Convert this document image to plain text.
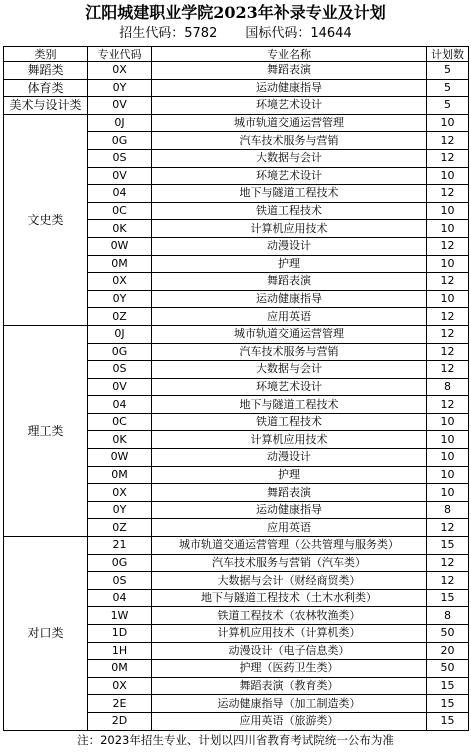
江阳城建职业学院2023年补录专业及计划
招生代码：5782 国标代码：14644
类别	专业代码	专业名称	计划数
舞蹈类	0X	舞蹈表演	5
体育类	0Y	运动健康指导	5
美术与设计类	0V	环境艺术设计	5
文史类	0J	城市轨道交通运营管理	10
	0G	汽车技术服务与营销	12
	0S	大数据与会计	12
	0V	环境艺术设计	10
	04	地下与隧道工程技术	12
	0C	铁道工程技术	10
	0K	计算机应用技术	10
	0W	动漫设计	12
	0M	护理	10
	0X	舞蹈表演	12
	0Y	运动健康指导	10
	0Z	应用英语	12
理工类	0J	城市轨道交通运营管理	12
	0G	汽车技术服务与营销	12
	0S	大数据与会计	12
	0V	环境艺术设计	8
	04	地下与隧道工程技术	12
	0C	铁道工程技术	10
	0K	计算机应用技术	10
	0W	动漫设计	10
	0M	护理	10
	0X	舞蹈表演	10
	0Y	运动健康指导	8
	0Z	应用英语	12
对口类	21	城市轨道交通运营管理（公共管理与服务类）	15
	0G	汽车技术服务与营销（汽车类）	12
	0S	大数据与会计（财经商贸类）	12
	04	地下与隧道工程技术（土木水利类）	15
	1W	铁道工程技术（农林牧渔类）	8
	1D	计算机应用技术（计算机类）	50
	1H	动漫设计（电子信息类）	20
	0M	护理（医药卫生类）	50
	0X	舞蹈表演（教育类）	15
	2E	运动健康指导（加工制造类）	15
	2D	应用英语（旅游类）	15
注：2023年招生专业、计划以四川省教育考试院统一公布为准
